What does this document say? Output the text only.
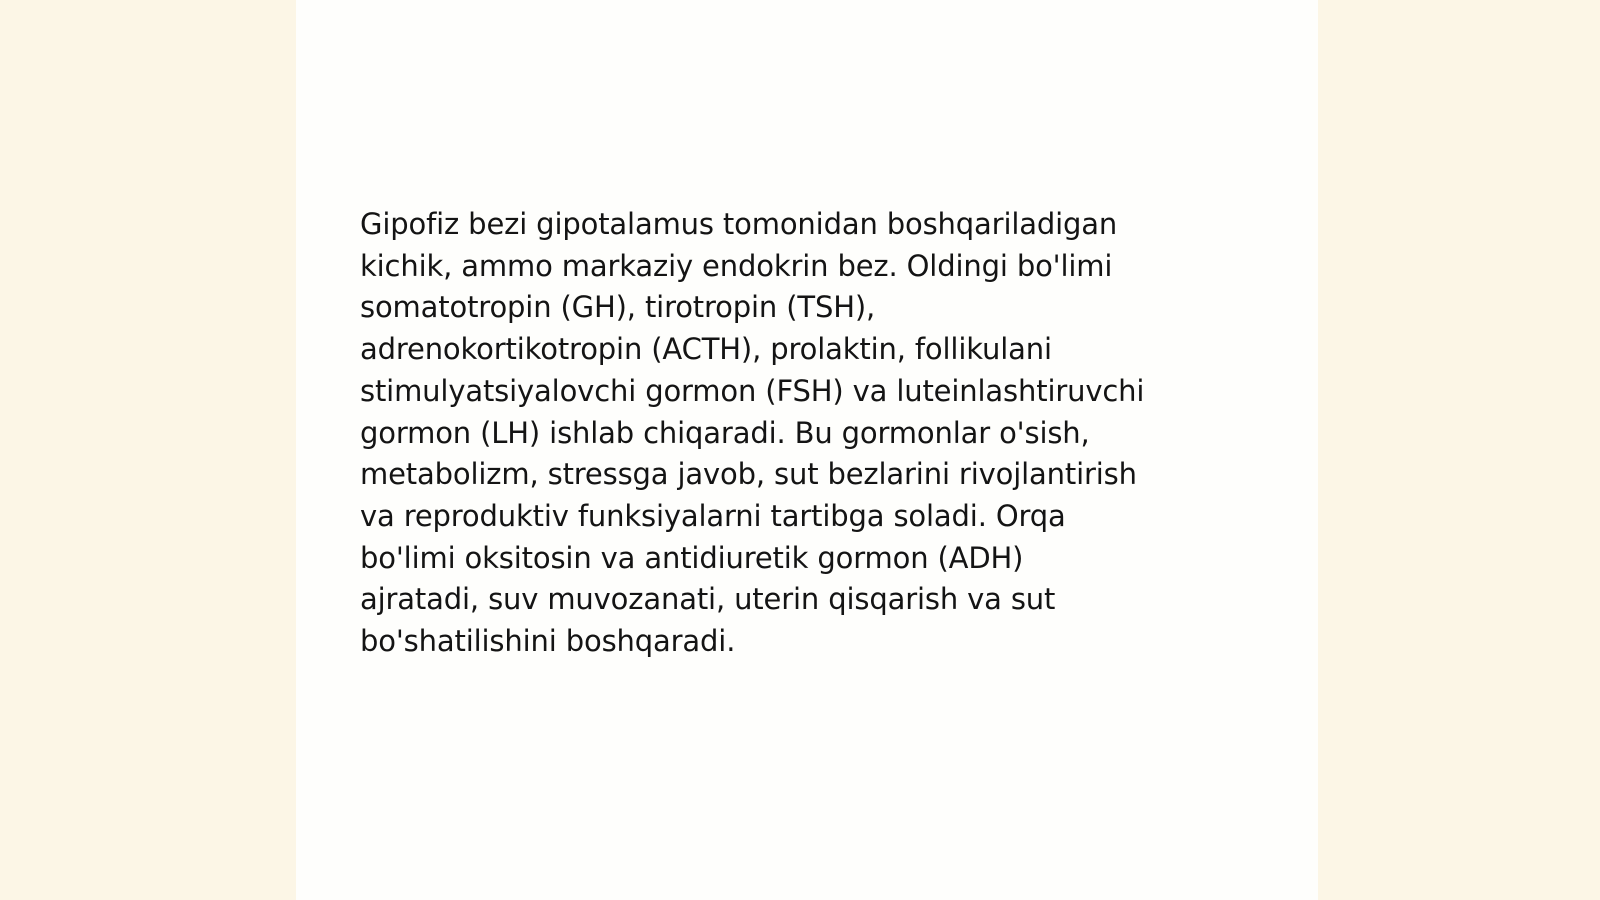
Gipofiz bezi gipotalamus tomonidan boshqariladigan
kichik, ammo markaziy endokrin bez. Oldingi bo'limi
somatotropin (GH), tirotropin (TSH),
adrenokortikotropin (ACTH), prolaktin, follikulani
stimulyatsiyalovchi gormon (FSH) va luteinlashtiruvchi
gormon (LH) ishlab chiqaradi. Bu gormonlar o'sish,
metabolizm, stressga javob, sut bezlarini rivojlantirish
va reproduktiv funksiyalarni tartibga soladi. Orqa
bo'limi oksitosin va antidiuretik gormon (ADH)
ajratadi, suv muvozanati, uterin qisqarish va sut
bo'shatilishini boshqaradi.
